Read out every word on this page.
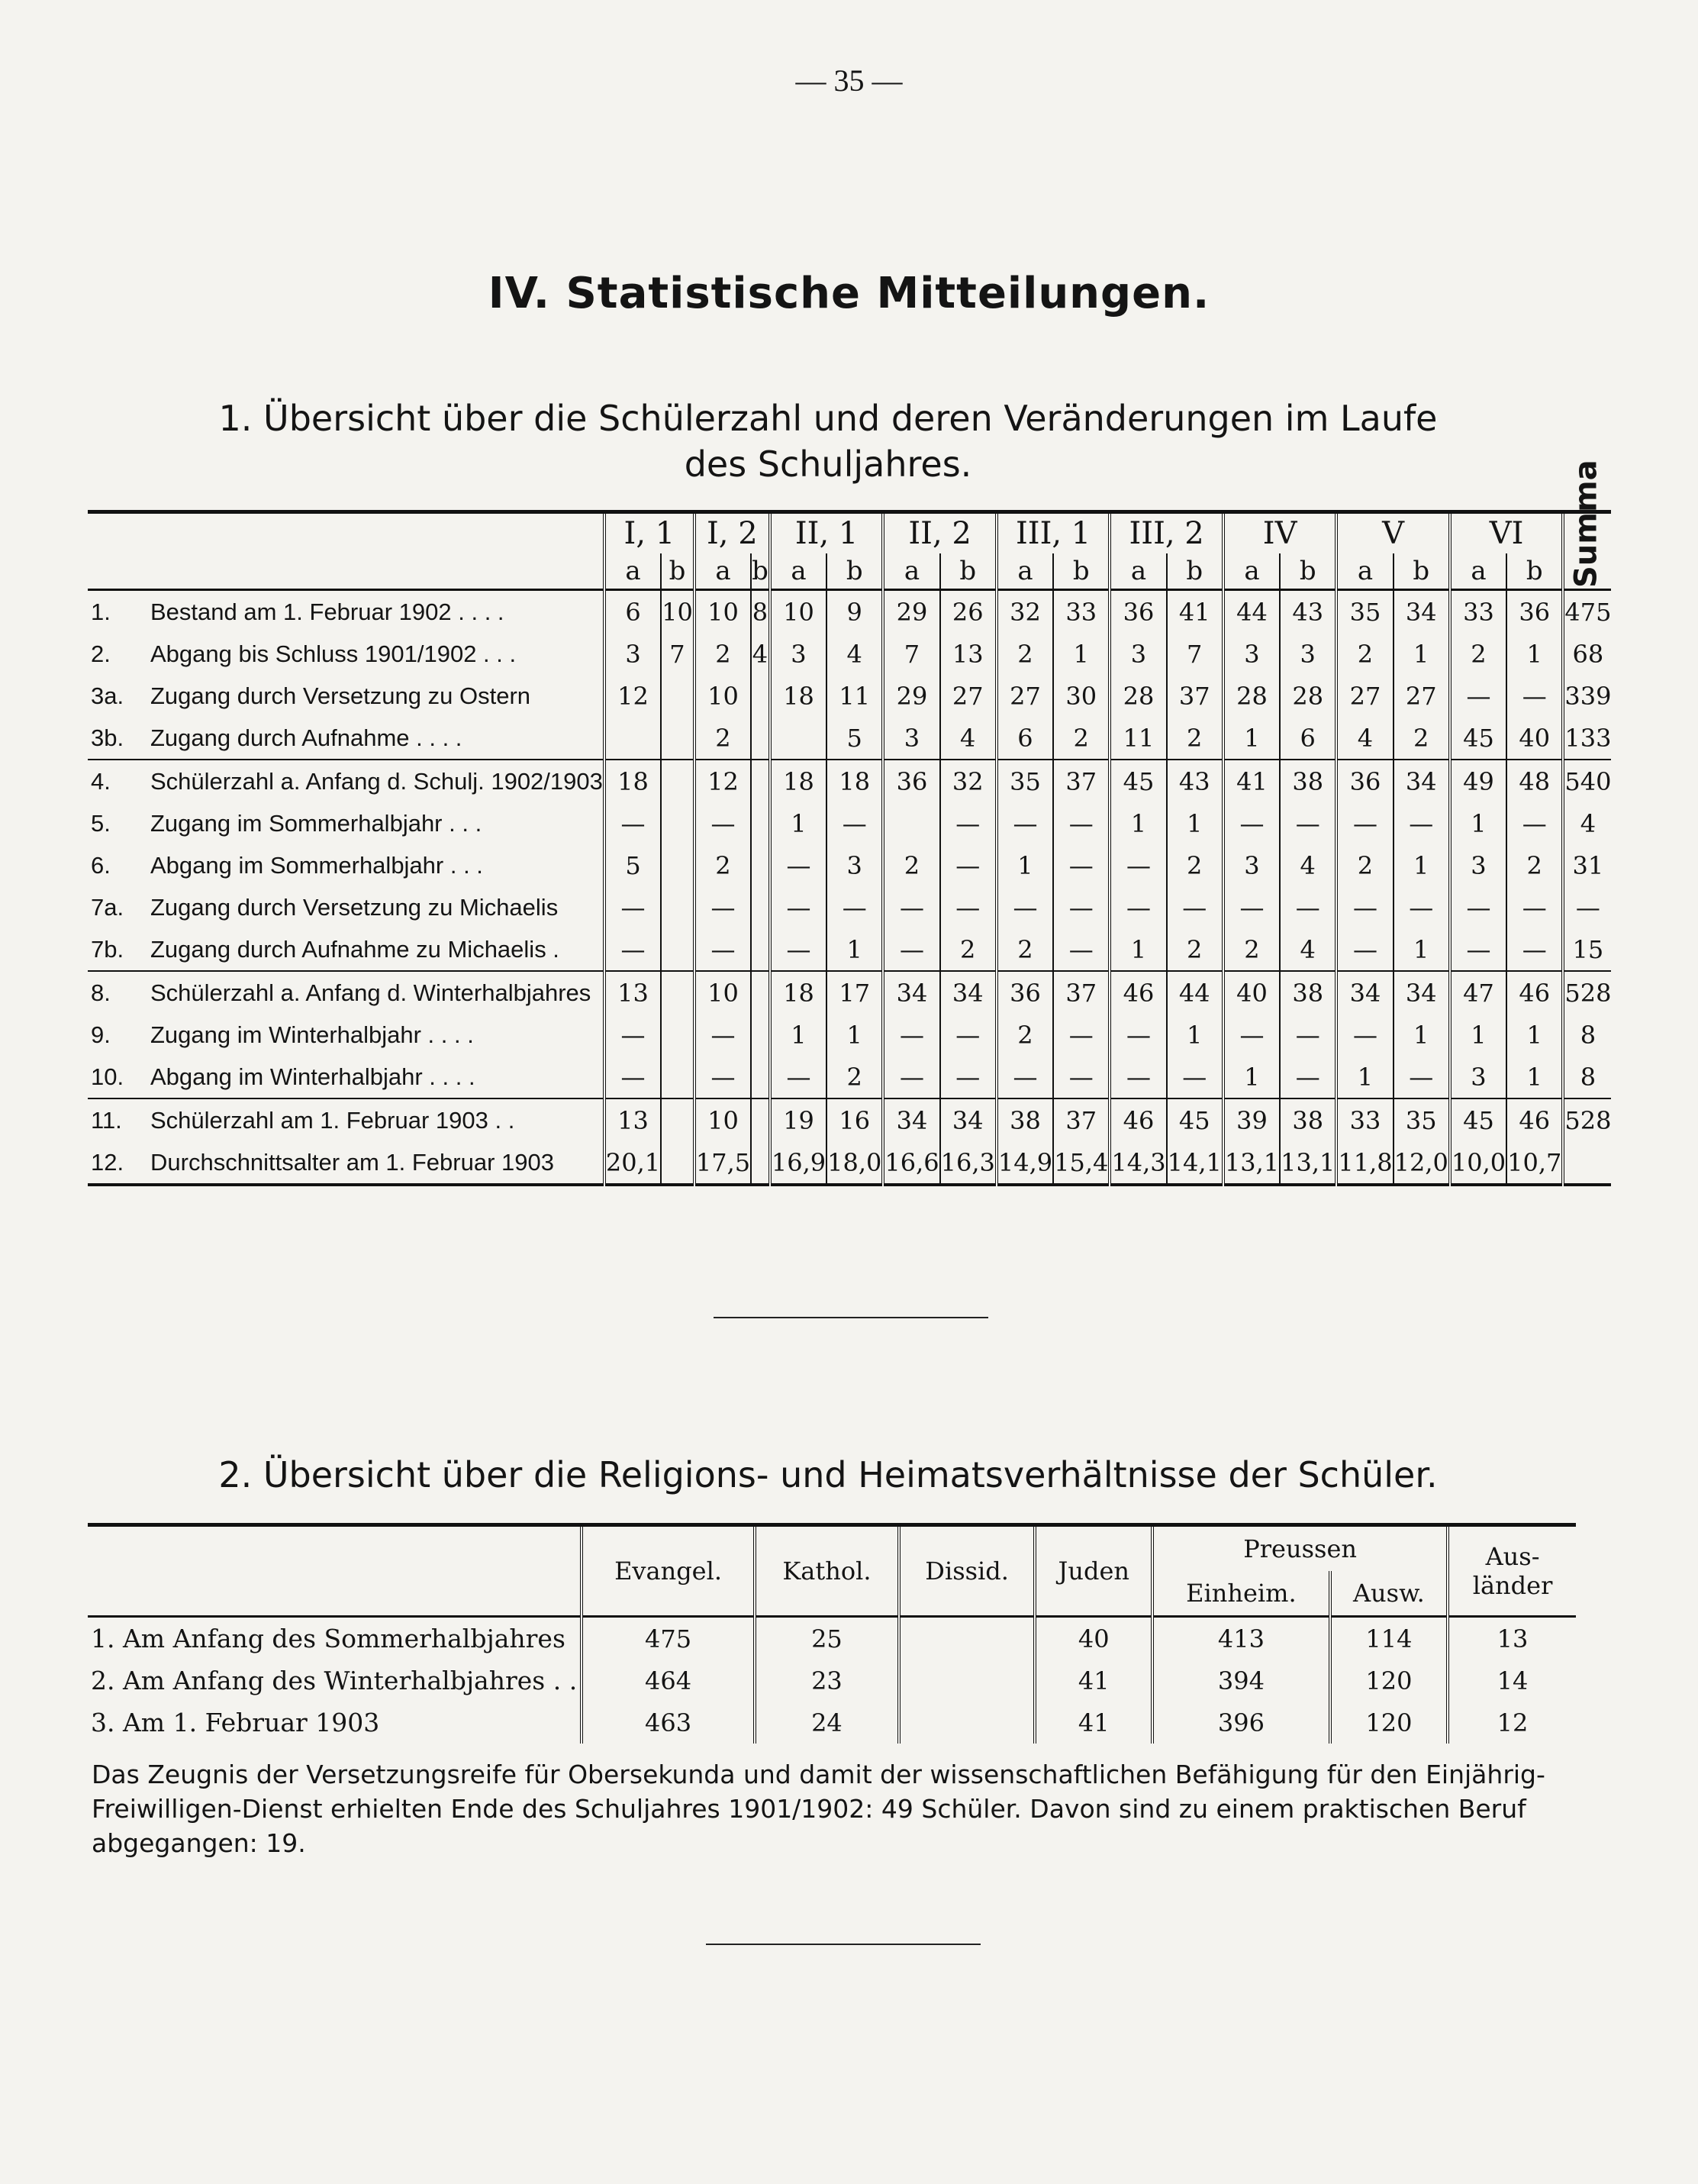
— 35 —
IV. Statistische Mitteilungen.
1. Übersicht über die Schülerzahl und deren Veränderungen im Laufe
des Schuljahres.
	I, 1		I, 2		II, 1		II, 2		III, 1		III, 2		IV		V		VI		Summa
	a	b	a	b	a	b	a	b	a	b	a	b	a	b	a	b	a	b	
1. Bestand am 1. Februar 1902 . . . .	6	10	10	8	10	9	29	26	32	33	36	41	44	43	35	34	33	36	475
2. Abgang bis Schluss 1901/1902 . . .	3	7	2	4	3	4	7	13	2	1	3	7	3	3	2	1	2	1	68
3a. Zugang durch Versetzung zu Ostern	12		10		18	11	29	27	27	30	28	37	28	28	27	27	—	—	339
3b. Zugang durch Aufnahme . . . .			2			5	3	4	6	2	11	2	1	6	4	2	45	40	133
4. Schülerzahl a. Anfang d. Schulj. 1902/1903	18		12		18	18	36	32	35	37	45	43	41	38	36	34	49	48	540
5. Zugang im Sommerhalbjahr . . .	—		—		1	—		—	—	—	1	1	—	—	—	—	1	—	4
6. Abgang im Sommerhalbjahr . . .	5		2		—	3	2	—	1	—	—	2	3	4	2	1	3	2	31
7a. Zugang durch Versetzung zu Michaelis	—		—		—	—	—	—	—	—	—	—	—	—	—	—	—	—	—
7b. Zugang durch Aufnahme zu Michaelis .	—		—		—	1	—	2	2	—	1	2	2	4	—	1	—	—	15
8. Schülerzahl a. Anfang d. Winterhalbjahres	13		10		18	17	34	34	36	37	46	44	40	38	34	34	47	46	528
9. Zugang im Winterhalbjahr . . . .	—		—		1	1	—	—	2	—	—	1	—	—	—	1	1	1	8
10. Abgang im Winterhalbjahr . . . .	—		—		—	2	—	—	—	—	—	—	1	—	1	—	3	1	8
11. Schülerzahl am 1. Februar 1903 . .	13		10		19	16	34	34	38	37	46	45	39	38	33	35	45	46	528
12. Durchschnittsalter am 1. Februar 1903	20,1		17,5		16,9	18,0	16,6	16,3	14,9	15,4	14,3	14,1	13,1	13,1	11,8	12,0	10,0	10,7	
2. Übersicht über die Religions- und Heimatsverhältnisse der Schüler.
	Evangel.	Kathol.	Dissid.	Juden	Preussen		Aus-
länder
					Einheim.	Ausw.	
1. Am Anfang des Sommerhalbjahres	475	25		40	413	114	13
2. Am Anfang des Winterhalbjahres . .	464	23		41	394	120	14
3. Am 1. Februar 1903	463	24		41	396	120	12
Das Zeugnis der Versetzungsreife für Obersekunda und damit der wissenschaftlichen Befähigung für den Einjährig-Freiwilligen-Dienst erhielten Ende des Schuljahres 1901/1902: 49 Schüler. Davon sind zu einem praktischen Beruf abgegangen: 19.
